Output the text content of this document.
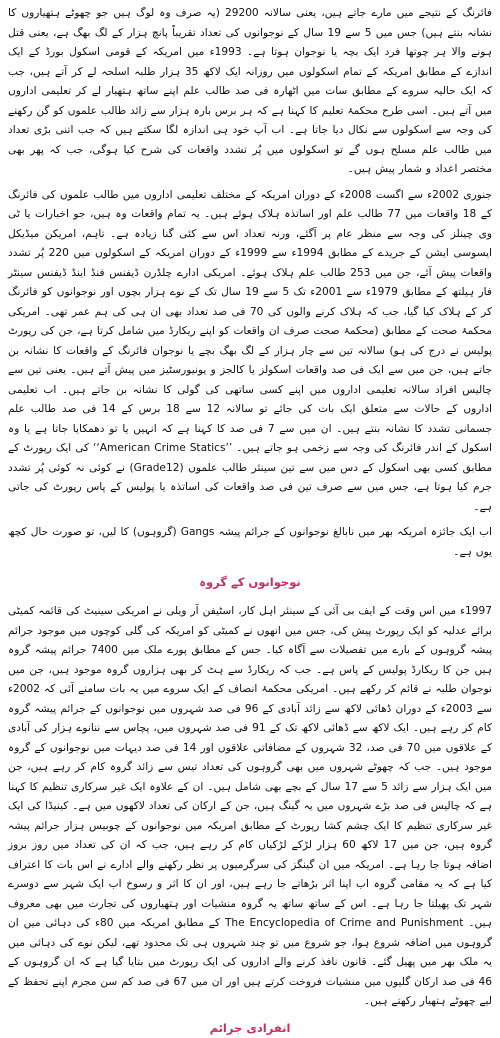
فائرنگ کے نتیجے میں مارے جاتے ہیں، یعنی سالانہ 29200 (یہ صرف وہ لوگ ہیں جو چھوٹے ہتھیاروں کا نشانہ بنتے ہیں) جس میں 5 سے 19 سال کے نوجوانوں کی تعداد تقریباً پانچ ہزار کے لگ بھگ ہے، یعنی قتل ہونے والا ہر چوتھا فرد ایک بچہ یا نوجوان ہوتا ہے۔ 1993ء میں امریکہ کے قومی اسکول بورڈ کے ایک اندازے کے مطابق امریکہ کے تمام اسکولوں میں روزانہ ایک لاکھ 35 ہزار طلبہ اسلحہ لے کر آتے ہیں، جب کہ ایک حالیہ سروے کے مطابق سات میں اٹھارہ فی صد طالب علم اپنے ساتھ ہتھیار لے کر تعلیمی اداروں میں آتے ہیں۔ اسی طرح محکمۂ تعلیم کا کہنا ہے کہ ہر برس بارہ ہزار سے زائد طالب علموں کو گن رکھنے کی وجہ سے اسکولوں سے نکال دیا جاتا ہے۔ اب آپ خود ہی اندازہ لگا سکتے ہیں کہ جب اتنی بڑی تعداد میں طالب علم مسلح ہوں گے تو اسکولوں میں پُر تشدد واقعات کی شرح کیا ہوگی، جب کہ پھر بھی مختصر اعداد و شمار پیش ہیں۔

جنوری 2002ء سے اگست 2008ء کے دوران امریکہ کے مختلف تعلیمی اداروں میں طالب علموں کی فائرنگ کے 18 واقعات میں 77 طالب علم اور اساتذہ ہلاک ہوئے ہیں۔ یہ تمام واقعات وہ ہیں، جو اخبارات یا ٹی وی چینلز کی وجہ سے منظر عام پر آگئے، ورنہ تعداد اس سے کئی گنا زیادہ ہے۔ تاہم، امریکن میڈیکل ایسوسی ایشن کے جریدے کے مطابق 1994ء سے 1999ء کے دوران امریکہ کے اسکولوں میں 220 پُر تشدد واقعات پیش آئے، جن میں 253 طالب علم ہلاک ہوئے۔ امریکی ادارے چلڈرن ڈیفنس فنڈ اینڈ ڈیفنس سینٹر فار ہیلتھ کے مطابق 1979ء سے 2001ء تک 5 سے 19 سال تک کے نوے ہزار بچوں اور نوجوانوں کو فائرنگ کر کے ہلاک کیا گیا، جب کہ ہلاک کرنے والوں کی 70 فی صد تعداد بھی ان ہی کی ہم عمر تھی۔ امریکی محکمۂ صحت کے مطابق (محکمۂ صحت صرف ان واقعات کو اپنے ریکارڈ میں شامل کرتا ہے، جن کی رپورٹ پولیس نے درج کی ہو) سالانہ تین سے چار ہزار کے لگ بھگ بچے یا نوجوان فائرنگ کے واقعات کا نشانہ بن جاتے ہیں، جن میں سے ایک فی صد واقعات اسکولز یا کالجز و یونیورسٹیز میں پیش آتے ہیں۔ یعنی تین سے چالیس افراد سالانہ تعلیمی اداروں میں اپنے کسی ساتھی کی گولی کا نشانہ بن جاتے ہیں۔ اب تعلیمی اداروں کے حالات سے متعلق ایک بات کی جائے تو سالانہ 12 سے 18 برس کے 14 فی صد طالب علم جسمانی تشدد کا نشانہ بنتے ہیں۔ ان میں سے 7 فی صد کا کہنا ہے کہ انہیں یا تو دھمکایا جاتا ہے یا وہ اسکول کے اندر فائرنگ کی وجہ سے زخمی ہو جاتے ہیں۔ ’’American Crime Statics‘‘ کی ایک رپورٹ کے مطابق کسی بھی اسکول کے دس میں سے تین سینئر طالب علموں (Grade12) نے کوئی نہ کوئی پُر تشدد جرم کیا ہوتا ہے، جس میں سے صرف تین فی صد واقعات کی اساتذہ یا پولیس کے پاس رپورٹ کی جاتی ہے۔

اب ایک جائزہ امریکہ بھر میں نابالغ نوجوانوں کے جرائم پیشہ Gangs (گروہوں) کا لیں، تو صورت حال کچھ یوں ہے۔

نوجوانوں کے گروہ

1997ء میں اس وقت کے ایف بی آئی کے سینئر اہل کار، اسٹیفن آر ویلی نے امریکی سینیٹ کی قائمہ کمیٹی برائے عدلیہ کو ایک رپورٹ پیش کی، جس میں انھوں نے کمیٹی کو امریکہ کی گلی کوچوں میں موجود جرائم پیشہ گروہوں کے بارے میں تفصیلات سے آگاہ کیا۔ جس کے مطابق پورے ملک میں 7400 جرائم پیشہ گروہ ہیں جن کا ریکارڈ پولیس کے پاس ہے۔ جب کہ ریکارڈ سے ہٹ کر بھی ہزاروں گروہ موجود ہیں، جن میں نوجوان طلبہ نے قائم کر رکھے ہیں۔ امریکی محکمۂ انصاف کے ایک سروے میں یہ بات سامنے آئی کہ 2002ء سے 2003ء کے دوران ڈھائی لاکھ سے زائد آبادی کے 96 فی صد شہروں میں نوجوانوں کے جرائم پیشہ گروہ کام کر رہے ہیں۔ ایک لاکھ سے ڈھائی لاکھ تک کے 91 فی صد شہروں میں، پچاس سے ننانوے ہزار کی آبادی کے علاقوں میں 70 فی صد، 32 شہروں کے مضافاتی علاقوں اور 14 فی صد دیہات میں نوجوانوں کے گروہ موجود ہیں۔ جب کہ چھوٹے شہروں میں بھی گروہوں کی تعداد تیس سے زائد گروہ کام کر رہے ہیں، جن میں ایک ہزار سے زائد 5 سے 17 سال کے بچے بھی شامل ہیں۔ ان کے علاوہ ایک غیر سرکاری تنظیم کا کہنا ہے کہ چالیس فی صد بڑے شہروں میں یہ گینگ ہیں، جن کے ارکان کی تعداد لاکھوں میں ہے۔ کینیڈا کی ایک غیر سرکاری تنظیم کا ایک چشم کشا رپورٹ کے مطابق امریکہ میں نوجوانوں کے چوبیس ہزار جرائم پیشہ گروہ ہیں، جن میں 17 لاکھ 60 ہزار لڑکے لڑکیاں کام کر رہے ہیں، جب کہ ان کی تعداد میں روز بروز اضافہ ہوتا جا رہا ہے۔ امریکہ میں ان گینگز کی سرگرمیوں پر نظر رکھنے والے ادارے نے اس بات کا اعتراف کیا ہے کہ یہ مقامی گروہ اب اپنا اثر بڑھاتے جا رہے ہیں، اور ان کا اثر و رسوخ اب ایک شہر سے دوسرے شہر تک پھیلتا جا رہا ہے۔ اس کے ساتھ ساتھ یہ گروہ منشیات اور ہتھیاروں کی تجارت میں بھی معروف ہیں۔ The Encyclopedia of Crime and Punishment کے مطابق امریکہ میں 80ء کی دہائی میں ان گروہوں میں اضافہ شروع ہوا، جو شروع میں تو چند شہروں ہی تک محدود تھے، لیکن نوے کی دہائی میں یہ ملک بھر میں پھیل گئے۔ قانون نافذ کرنے والے اداروں کی ایک رپورٹ میں بتایا گیا ہے کہ ان گروہوں کے 46 فی صد ارکان گلیوں میں منشیات فروخت کرتے ہیں اور ان میں 67 فی صد کم سن مجرم اپنے تحفظ کے لیے چھوٹے ہتھیار رکھتے ہیں۔

انفرادی جرائم
